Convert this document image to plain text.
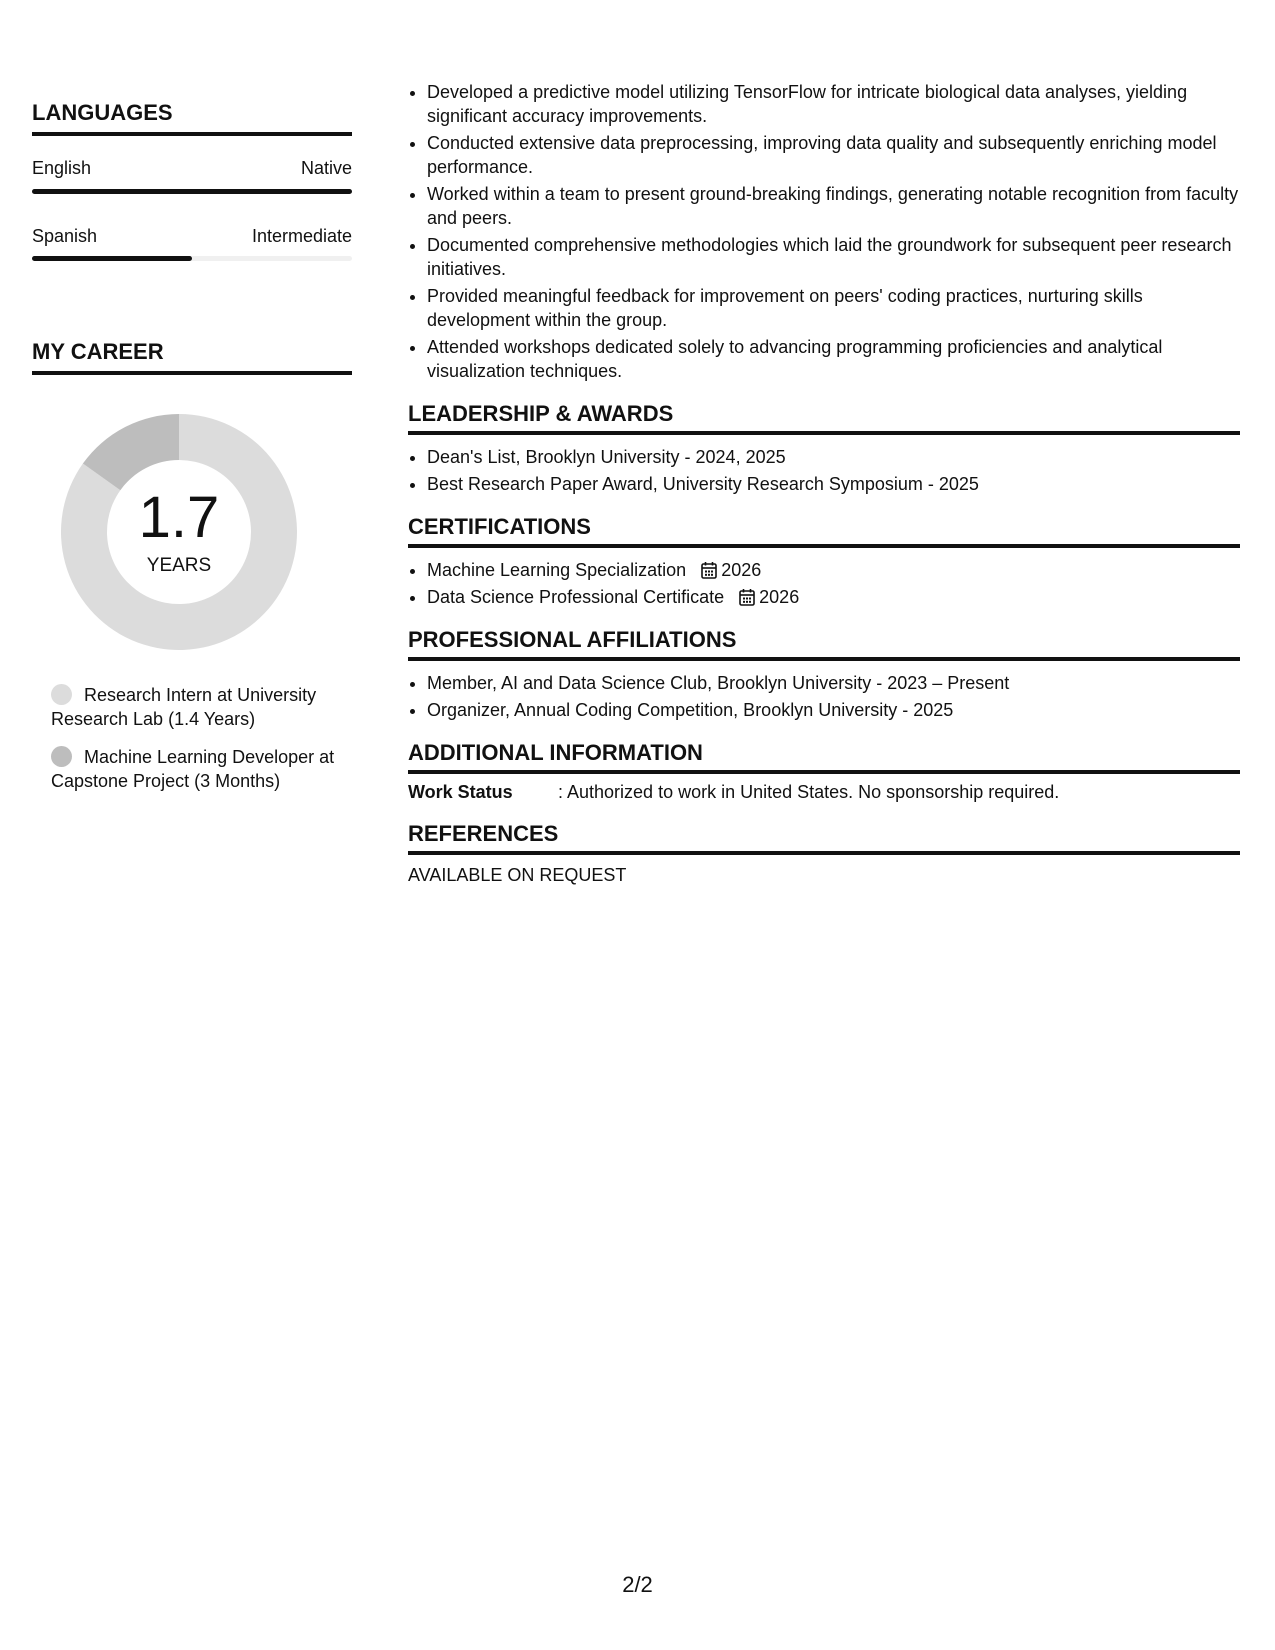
LANGUAGES
English	Native
Spanish	Intermediate
MY CAREER
1.7
YEARS
Research Intern at University Research Lab (1.4 Years)
Machine Learning Developer at Capstone Project (3 Months)
• Developed a predictive model utilizing TensorFlow for intricate biological data analyses, yielding significant accuracy improvements.
• Conducted extensive data preprocessing, improving data quality and subsequently enriching model performance.
• Worked within a team to present ground-breaking findings, generating notable recognition from faculty and peers.
• Documented comprehensive methodologies which laid the groundwork for subsequent peer research initiatives.
• Provided meaningful feedback for improvement on peers' coding practices, nurturing skills development within the group.
• Attended workshops dedicated solely to advancing programming proficiencies and analytical visualization techniques.
LEADERSHIP & AWARDS
• Dean's List, Brooklyn University - 2024, 2025
• Best Research Paper Award, University Research Symposium - 2025
CERTIFICATIONS
• Machine Learning Specialization 2026
• Data Science Professional Certificate 2026
PROFESSIONAL AFFILIATIONS
• Member, AI and Data Science Club, Brooklyn University - 2023 – Present
• Organizer, Annual Coding Competition, Brooklyn University - 2025
ADDITIONAL INFORMATION
Work Status	: Authorized to work in United States. No sponsorship required.
REFERENCES
AVAILABLE ON REQUEST
2/2
